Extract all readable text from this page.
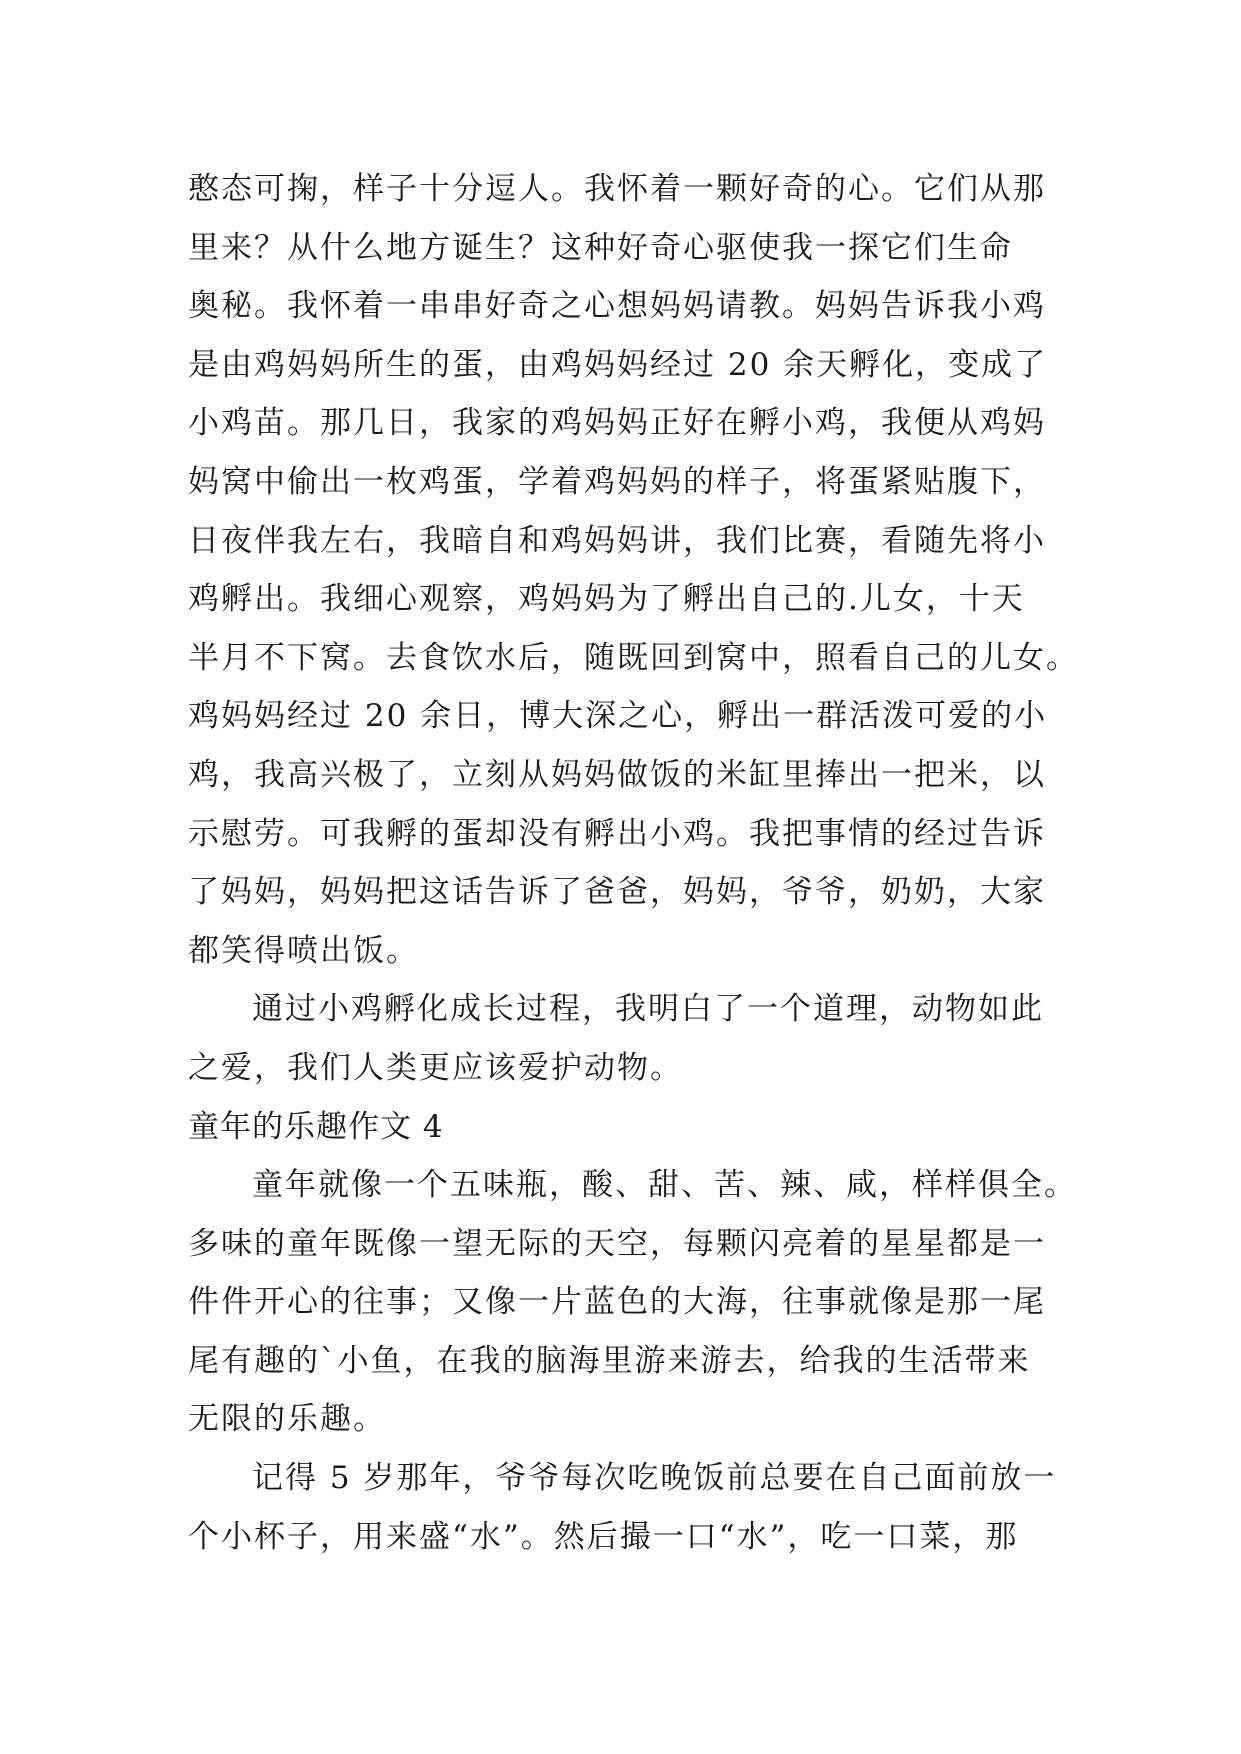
憨态可掬，样子十分逗人。我怀着一颗好奇的心。它们从那
里来？从什么地方诞生？这种好奇心驱使我一探它们生命
奥秘。我怀着一串串好奇之心想妈妈请教。妈妈告诉我小鸡
是由鸡妈妈所生的蛋，由鸡妈妈经过 20 余天孵化，变成了
小鸡苗。那几日，我家的鸡妈妈正好在孵小鸡，我便从鸡妈
妈窝中偷出一枚鸡蛋，学着鸡妈妈的样子，将蛋紧贴腹下，
日夜伴我左右，我暗自和鸡妈妈讲，我们比赛，看随先将小
鸡孵出。我细心观察，鸡妈妈为了孵出自己的.儿女，十天
半月不下窝。去食饮水后，随既回到窝中，照看自己的儿女。
鸡妈妈经过 20 余日，博大深之心，孵出一群活泼可爱的小
鸡，我高兴极了，立刻从妈妈做饭的米缸里捧出一把米，以
示慰劳。可我孵的蛋却没有孵出小鸡。我把事情的经过告诉
了妈妈，妈妈把这话告诉了爸爸，妈妈，爷爷，奶奶，大家
都笑得喷出饭。
通过小鸡孵化成长过程，我明白了一个道理，动物如此
之爱，我们人类更应该爱护动物。
童年的乐趣作文 4
童年就像一个五味瓶，酸、甜、苦、辣、咸，样样俱全。
多味的童年既像一望无际的天空，每颗闪亮着的星星都是一
件件开心的往事；又像一片蓝色的大海，往事就像是那一尾
尾有趣的`小鱼，在我的脑海里游来游去，给我的生活带来
无限的乐趣。
记得 5 岁那年，爷爷每次吃晚饭前总要在自己面前放一
个小杯子，用来盛“水”。然后撮一口“水”，吃一口菜，那
